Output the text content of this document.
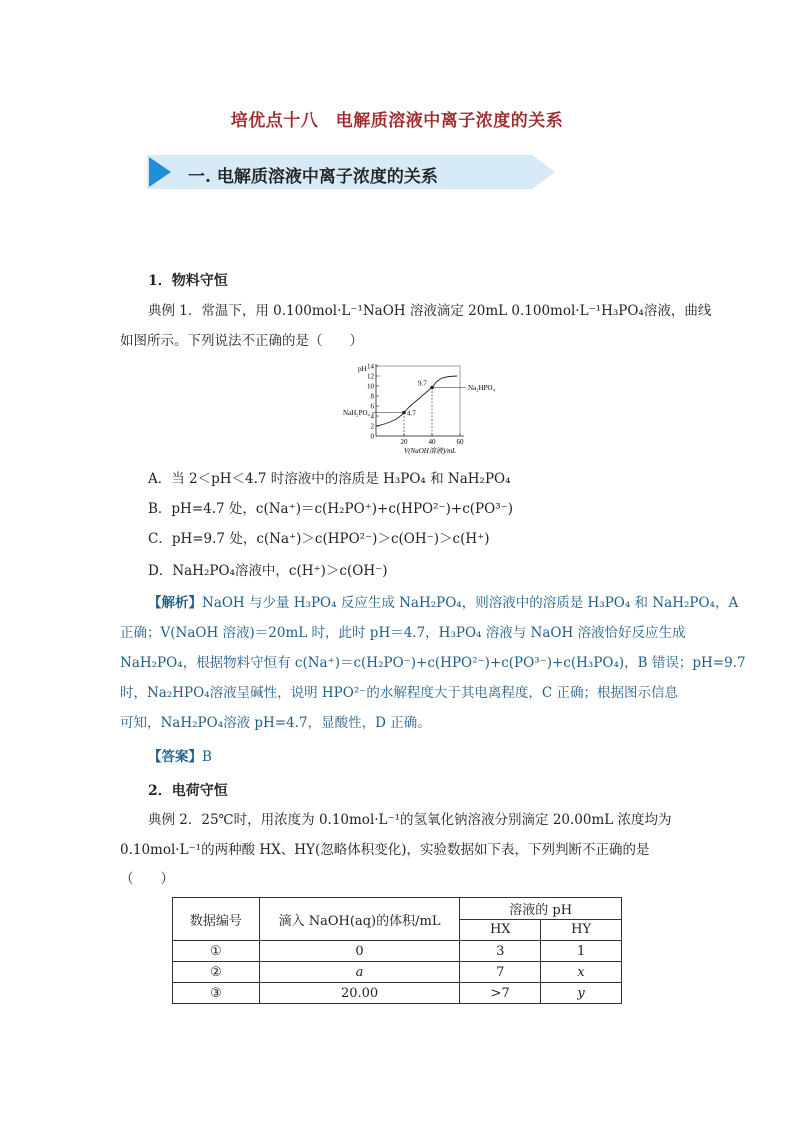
培优点十八　电解质溶液中离子浓度的关系
一. 电解质溶液中离子浓度的关系
1．物料守恒
典例 1．常温下，用 0.100mol·L⁻¹NaOH 溶液滴定 20mL 0.100mol·L⁻¹H₃PO₄溶液，曲线
如图所示。下列说法不正确的是（　　）
2
4
6
8
10
12
14
0
pH
20	40	60
V(NaOH溶液)/mL
4.7
9.7
NaH₂PO₄
Na₂HPO₄
A．当 2＜pH＜4.7 时溶液中的溶质是 H₃PO₄ 和 NaH₂PO₄
B．pH=4.7 处，c(Na⁺)＝c(H₂PO⁺)+c(HPO²⁻)+c(PO³⁻)
C．pH=9.7 处，c(Na⁺)＞c(HPO²⁻)＞c(OH⁻)＞c(H⁺)
D．NaH₂PO₄溶液中，c(H⁺)＞c(OH⁻)
【解析】NaOH 与少量 H₃PO₄ 反应生成 NaH₂PO₄，则溶液中的溶质是 H₃PO₄ 和 NaH₂PO₄，A
正确；V(NaOH 溶液)＝20mL 时，此时 pH＝4.7，H₃PO₄ 溶液与 NaOH 溶液恰好反应生成
NaH₂PO₄，根据物料守恒有 c(Na⁺)＝c(H₂PO⁻)+c(HPO²⁻)+c(PO³⁻)+c(H₃PO₄)，B 错误；pH=9.7
时，Na₂HPO₄溶液呈碱性，说明 HPO²⁻的水解程度大于其电离程度，C 正确；根据图示信息
可知，NaH₂PO₄溶液 pH=4.7，显酸性，D 正确。
【答案】B
2．电荷守恒
典例 2．25℃时，用浓度为 0.10mol·L⁻¹的氢氧化钠溶液分别滴定 20.00mL 浓度均为
0.10mol·L⁻¹的两种酸 HX、HY(忽略体积变化)，实验数据如下表，下列判断不正确的是
（　　）
数据编号	滴入 NaOH(aq)的体积/mL	溶液的 pH	
		HX	HY
①	0	3	1
②	a	7	x
③	20.00	>7	y
